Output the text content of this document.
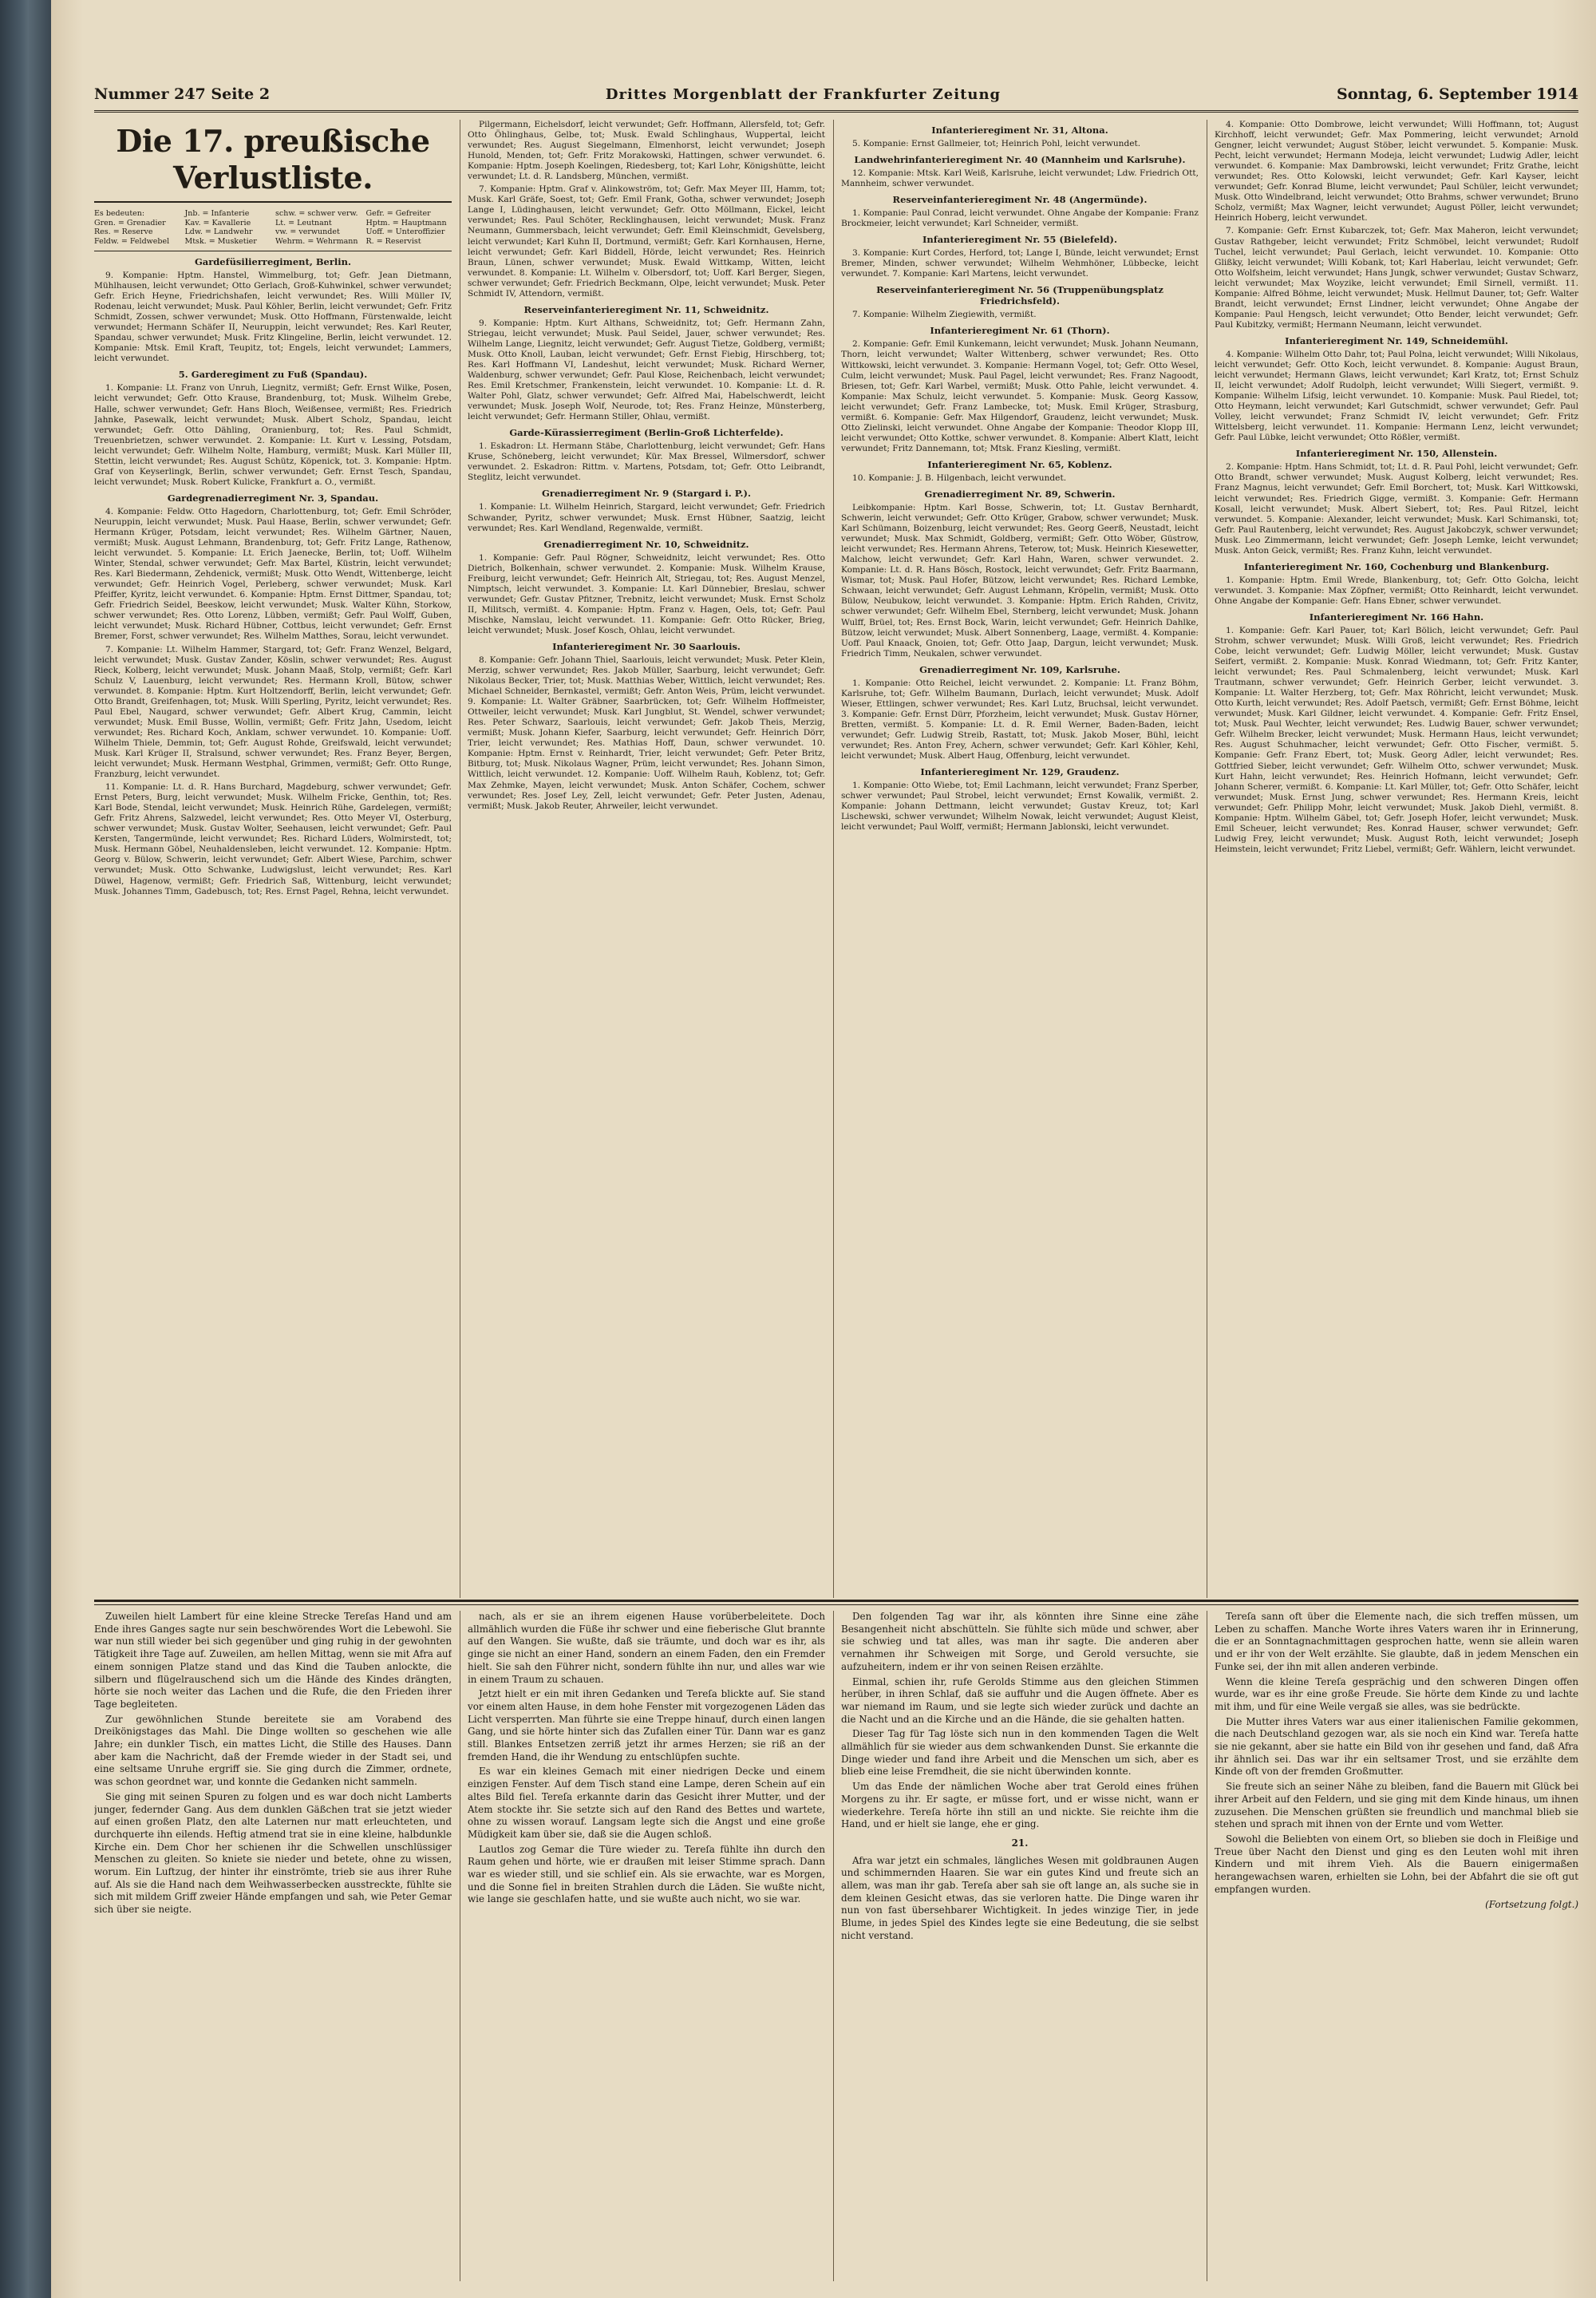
Nummer 247 Seite 2	Drittes Morgenblatt der Frankfurter Zeitung	Sonntag, 6. September 1914
Die 17. preußische Verlustliste.
Es bedeuten:	Jnb. = Infanterie	schw. = schwer verw.	Gefr. = Gefreiter
Gren. = Grenadier	Kav. = Kavallerie	Lt. = Leutnant	Hptm. = Hauptmann
Res. = Reserve	Ldw. = Landwehr	vw. = verwundet	Uoff. = Unteroffizier
Feldw. = Feldwebel	Mtsk. = Musketier	Wehrm. = Wehrmann	R. = Reservist
Gardefüsilierregiment, Berlin.

9. Kompanie: Hptm. Hanstel, Wimmelburg, tot; Gefr. Jean Dietmann, Mühlhausen, leicht verwundet; Otto Gerlach, Groß-Kuhwinkel, schwer verwundet; Gefr. Erich Heyne, Friedrichshafen, leicht verwundet; Res. Willi Müller IV, Rodenau, leicht verwundet; Musk. Paul Köhler, Berlin, leicht verwundet; Gefr. Fritz Schmidt, Zossen, schwer verwundet; Musk. Otto Hoffmann, Fürstenwalde, leicht verwundet; Hermann Schäfer II, Neuruppin, leicht verwundet; Res. Karl Reuter, Spandau, schwer verwundet; Musk. Fritz Klingeline, Berlin, leicht verwundet. 12. Kompanie: Mtsk. Emil Kraft, Teupitz, tot; Engels, leicht verwundet; Lammers, leicht verwundet.

5. Garderegiment zu Fuß (Spandau).

1. Kompanie: Lt. Franz von Unruh, Liegnitz, vermißt; Gefr. Ernst Wilke, Posen, leicht verwundet; Gefr. Otto Krause, Brandenburg, tot; Musk. Wilhelm Grebe, Halle, schwer verwundet; Gefr. Hans Bloch, Weißensee, vermißt; Res. Friedrich Jahnke, Pasewalk, leicht verwundet; Musk. Albert Scholz, Spandau, leicht verwundet; Gefr. Otto Dähling, Oranienburg, tot; Res. Paul Schmidt, Treuenbrietzen, schwer verwundet. 2. Kompanie: Lt. Kurt v. Lessing, Potsdam, leicht verwundet; Gefr. Wilhelm Nolte, Hamburg, vermißt; Musk. Karl Müller III, Stettin, leicht verwundet; Res. August Schütz, Köpenick, tot. 3. Kompanie: Hptm. Graf von Keyserlingk, Berlin, schwer verwundet; Gefr. Ernst Tesch, Spandau, leicht verwundet; Musk. Robert Kulicke, Frankfurt a. O., vermißt.

Gardegrenadierregiment Nr. 3, Spandau.

4. Kompanie: Feldw. Otto Hagedorn, Charlottenburg, tot; Gefr. Emil Schröder, Neuruppin, leicht verwundet; Musk. Paul Haase, Berlin, schwer verwundet; Gefr. Hermann Krüger, Potsdam, leicht verwundet; Res. Wilhelm Gärtner, Nauen, vermißt; Musk. August Lehmann, Brandenburg, tot; Gefr. Fritz Lange, Rathenow, leicht verwundet. 5. Kompanie: Lt. Erich Jaenecke, Berlin, tot; Uoff. Wilhelm Winter, Stendal, schwer verwundet; Gefr. Max Bartel, Küstrin, leicht verwundet; Res. Karl Biedermann, Zehdenick, vermißt; Musk. Otto Wendt, Wittenberge, leicht verwundet; Gefr. Heinrich Vogel, Perleberg, schwer verwundet; Musk. Karl Pfeiffer, Kyritz, leicht verwundet. 6. Kompanie: Hptm. Ernst Dittmer, Spandau, tot; Gefr. Friedrich Seidel, Beeskow, leicht verwundet; Musk. Walter Kühn, Storkow, schwer verwundet; Res. Otto Lorenz, Lübben, vermißt; Gefr. Paul Wolff, Guben, leicht verwundet; Musk. Richard Hübner, Cottbus, leicht verwundet; Gefr. Ernst Bremer, Forst, schwer verwundet; Res. Wilhelm Matthes, Sorau, leicht verwundet.

7. Kompanie: Lt. Wilhelm Hammer, Stargard, tot; Gefr. Franz Wenzel, Belgard, leicht verwundet; Musk. Gustav Zander, Köslin, schwer verwundet; Res. August Rieck, Kolberg, leicht verwundet; Musk. Johann Maaß, Stolp, vermißt; Gefr. Karl Schulz V, Lauenburg, leicht verwundet; Res. Hermann Kroll, Bütow, schwer verwundet. 8. Kompanie: Hptm. Kurt Holtzendorff, Berlin, leicht verwundet; Gefr. Otto Brandt, Greifenhagen, tot; Musk. Willi Sperling, Pyritz, leicht verwundet; Res. Paul Ebel, Naugard, schwer verwundet; Gefr. Albert Krug, Cammin, leicht verwundet; Musk. Emil Busse, Wollin, vermißt; Gefr. Fritz Jahn, Usedom, leicht verwundet; Res. Richard Koch, Anklam, schwer verwundet. 10. Kompanie: Uoff. Wilhelm Thiele, Demmin, tot; Gefr. August Rohde, Greifswald, leicht verwundet; Musk. Karl Krüger II, Stralsund, schwer verwundet; Res. Franz Beyer, Bergen, leicht verwundet; Musk. Hermann Westphal, Grimmen, vermißt; Gefr. Otto Runge, Franzburg, leicht verwundet.

11. Kompanie: Lt. d. R. Hans Burchard, Magdeburg, schwer verwundet; Gefr. Ernst Peters, Burg, leicht verwundet; Musk. Wilhelm Fricke, Genthin, tot; Res. Karl Bode, Stendal, leicht verwundet; Musk. Heinrich Rühe, Gardelegen, vermißt; Gefr. Fritz Ahrens, Salzwedel, leicht verwundet; Res. Otto Meyer VI, Osterburg, schwer verwundet; Musk. Gustav Wolter, Seehausen, leicht verwundet; Gefr. Paul Kersten, Tangermünde, leicht verwundet; Res. Richard Lüders, Wolmirstedt, tot; Musk. Hermann Göbel, Neuhaldensleben, leicht verwundet. 12. Kompanie: Hptm. Georg v. Bülow, Schwerin, leicht verwundet; Gefr. Albert Wiese, Parchim, schwer verwundet; Musk. Otto Schwanke, Ludwigslust, leicht verwundet; Res. Karl Düwel, Hagenow, vermißt; Gefr. Friedrich Saß, Wittenburg, leicht verwundet; Musk. Johannes Timm, Gadebusch, tot; Res. Ernst Pagel, Rehna, leicht verwundet.

Pilgermann, Eichelsdorf, leicht verwundet; Gefr. Hoffmann, Allersfeld, tot; Gefr. Otto Öhlinghaus, Gelbe, tot; Musk. Ewald Schlinghaus, Wuppertal, leicht verwundet; Res. August Siegelmann, Elmenhorst, leicht verwundet; Joseph Hunold, Menden, tot; Gefr. Fritz Morakowski, Hattingen, schwer verwundet. 6. Kompanie: Hptm. Joseph Koelingen, Riedesberg, tot; Karl Lohr, Königshütte, leicht verwundet; Lt. d. R. Landsberg, München, vermißt.

7. Kompanie: Hptm. Graf v. Alinkowström, tot; Gefr. Max Meyer III, Hamm, tot; Musk. Karl Gräfe, Soest, tot; Gefr. Emil Frank, Gotha, schwer verwundet; Joseph Lange I, Lüdinghausen, leicht verwundet; Gefr. Otto Möllmann, Eickel, leicht verwundet; Res. Paul Schöter, Recklinghausen, leicht verwundet; Musk. Franz Neumann, Gummersbach, leicht verwundet; Gefr. Emil Kleinschmidt, Gevelsberg, leicht verwundet; Karl Kuhn II, Dortmund, vermißt; Gefr. Karl Kornhausen, Herne, leicht verwundet; Gefr. Karl Biddell, Hörde, leicht verwundet; Res. Heinrich Braun, Lünen, schwer verwundet; Musk. Ewald Wittkamp, Witten, leicht verwundet. 8. Kompanie: Lt. Wilhelm v. Olbersdorf, tot; Uoff. Karl Berger, Siegen, schwer verwundet; Gefr. Friedrich Beckmann, Olpe, leicht verwundet; Musk. Peter Schmidt IV, Attendorn, vermißt.

Reserveinfanterieregiment Nr. 11, Schweidnitz.

9. Kompanie: Hptm. Kurt Althans, Schweidnitz, tot; Gefr. Hermann Zahn, Striegau, leicht verwundet; Musk. Paul Seidel, Jauer, schwer verwundet; Res. Wilhelm Lange, Liegnitz, leicht verwundet; Gefr. August Tietze, Goldberg, vermißt; Musk. Otto Knoll, Lauban, leicht verwundet; Gefr. Ernst Fiebig, Hirschberg, tot; Res. Karl Hoffmann VI, Landeshut, leicht verwundet; Musk. Richard Werner, Waldenburg, schwer verwundet; Gefr. Paul Klose, Reichenbach, leicht verwundet; Res. Emil Kretschmer, Frankenstein, leicht verwundet. 10. Kompanie: Lt. d. R. Walter Pohl, Glatz, schwer verwundet; Gefr. Alfred Mai, Habelschwerdt, leicht verwundet; Musk. Joseph Wolf, Neurode, tot; Res. Franz Heinze, Münsterberg, leicht verwundet; Gefr. Hermann Stiller, Ohlau, vermißt.

Garde-Kürassierregiment (Berlin-Groß Lichterfelde).

1. Eskadron: Lt. Hermann Stäbe, Charlottenburg, leicht verwundet; Gefr. Hans Kruse, Schöneberg, leicht verwundet; Kür. Max Bressel, Wilmersdorf, schwer verwundet. 2. Eskadron: Rittm. v. Martens, Potsdam, tot; Gefr. Otto Leibrandt, Steglitz, leicht verwundet.

Grenadierregiment Nr. 9 (Stargard i. P.).

1. Kompanie: Lt. Wilhelm Heinrich, Stargard, leicht verwundet; Gefr. Friedrich Schwander, Pyritz, schwer verwundet; Musk. Ernst Hübner, Saatzig, leicht verwundet; Res. Karl Wendland, Regenwalde, vermißt.

Grenadierregiment Nr. 10, Schweidnitz.

1. Kompanie: Gefr. Paul Rögner, Schweidnitz, leicht verwundet; Res. Otto Dietrich, Bolkenhain, schwer verwundet. 2. Kompanie: Musk. Wilhelm Krause, Freiburg, leicht verwundet; Gefr. Heinrich Alt, Striegau, tot; Res. August Menzel, Nimptsch, leicht verwundet. 3. Kompanie: Lt. Karl Dünnebier, Breslau, schwer verwundet; Gefr. Gustav Pfitzner, Trebnitz, leicht verwundet; Musk. Ernst Scholz II, Militsch, vermißt. 4. Kompanie: Hptm. Franz v. Hagen, Oels, tot; Gefr. Paul Mischke, Namslau, leicht verwundet. 11. Kompanie: Gefr. Otto Rücker, Brieg, leicht verwundet; Musk. Josef Kosch, Ohlau, leicht verwundet.

Infanterieregiment Nr. 30 Saarlouis.

8. Kompanie: Gefr. Johann Thiel, Saarlouis, leicht verwundet; Musk. Peter Klein, Merzig, schwer verwundet; Res. Jakob Müller, Saarburg, leicht verwundet; Gefr. Nikolaus Becker, Trier, tot; Musk. Matthias Weber, Wittlich, leicht verwundet; Res. Michael Schneider, Bernkastel, vermißt; Gefr. Anton Weis, Prüm, leicht verwundet. 9. Kompanie: Lt. Walter Gräbner, Saarbrücken, tot; Gefr. Wilhelm Hoffmeister, Ottweiler, leicht verwundet; Musk. Karl Jungblut, St. Wendel, schwer verwundet; Res. Peter Schwarz, Saarlouis, leicht verwundet; Gefr. Jakob Theis, Merzig, vermißt; Musk. Johann Kiefer, Saarburg, leicht verwundet; Gefr. Heinrich Dörr, Trier, leicht verwundet; Res. Mathias Hoff, Daun, schwer verwundet. 10. Kompanie: Hptm. Ernst v. Reinhardt, Trier, leicht verwundet; Gefr. Peter Britz, Bitburg, tot; Musk. Nikolaus Wagner, Prüm, leicht verwundet; Res. Johann Simon, Wittlich, leicht verwundet. 12. Kompanie: Uoff. Wilhelm Rauh, Koblenz, tot; Gefr. Max Zehmke, Mayen, leicht verwundet; Musk. Anton Schäfer, Cochem, schwer verwundet; Res. Josef Ley, Zell, leicht verwundet; Gefr. Peter Justen, Adenau, vermißt; Musk. Jakob Reuter, Ahrweiler, leicht verwundet.

Infanterieregiment Nr. 31, Altona.

5. Kompanie: Ernst Gallmeier, tot; Heinrich Pohl, leicht verwundet.

Landwehrinfanterieregiment Nr. 40 (Mannheim und Karlsruhe).

12. Kompanie: Mtsk. Karl Weiß, Karlsruhe, leicht verwundet; Ldw. Friedrich Ott, Mannheim, schwer verwundet.

Reserveinfanterieregiment Nr. 48 (Angermünde).

1. Kompanie: Paul Conrad, leicht verwundet. Ohne Angabe der Kompanie: Franz Brockmeier, leicht verwundet; Karl Schneider, vermißt.

Infanterieregiment Nr. 55 (Bielefeld).

3. Kompanie: Kurt Cordes, Herford, tot; Lange I, Bünde, leicht verwundet; Ernst Bremer, Minden, schwer verwundet; Wilhelm Wehmhöner, Lübbecke, leicht verwundet. 7. Kompanie: Karl Martens, leicht verwundet.

Reserveinfanterieregiment Nr. 56 (Truppenübungsplatz Friedrichsfeld).

7. Kompanie: Wilhelm Ziegiewith, vermißt.

Infanterieregiment Nr. 61 (Thorn).

2. Kompanie: Gefr. Emil Kunkemann, leicht verwundet; Musk. Johann Neumann, Thorn, leicht verwundet; Walter Wittenberg, schwer verwundet; Res. Otto Wittkowski, leicht verwundet. 3. Kompanie: Hermann Vogel, tot; Gefr. Otto Wesel, Culm, leicht verwundet; Musk. Paul Pagel, leicht verwundet; Res. Franz Nagoodt, Briesen, tot; Gefr. Karl Warbel, vermißt; Musk. Otto Pahle, leicht verwundet. 4. Kompanie: Max Schulz, leicht verwundet. 5. Kompanie: Musk. Georg Kassow, leicht verwundet; Gefr. Franz Lambecke, tot; Musk. Emil Krüger, Strasburg, vermißt. 6. Kompanie: Gefr. Max Hilgendorf, Graudenz, leicht verwundet; Musk. Otto Zielinski, leicht verwundet. Ohne Angabe der Kompanie: Theodor Klopp III, leicht verwundet; Otto Kottke, schwer verwundet. 8. Kompanie: Albert Klatt, leicht verwundet; Fritz Dannemann, tot; Mtsk. Franz Kiesling, vermißt.

Infanterieregiment Nr. 65, Koblenz.

10. Kompanie: J. B. Hilgenbach, leicht verwundet.

Grenadierregiment Nr. 89, Schwerin.

Leibkompanie: Hptm. Karl Bosse, Schwerin, tot; Lt. Gustav Bernhardt, Schwerin, leicht verwundet; Gefr. Otto Krüger, Grabow, schwer verwundet; Musk. Karl Schümann, Boizenburg, leicht verwundet; Res. Georg Geerß, Neustadt, leicht verwundet; Musk. Max Schmidt, Goldberg, vermißt; Gefr. Otto Wöber, Güstrow, leicht verwundet; Res. Hermann Ahrens, Teterow, tot; Musk. Heinrich Kiesewetter, Malchow, leicht verwundet; Gefr. Karl Hahn, Waren, schwer verwundet. 2. Kompanie: Lt. d. R. Hans Bösch, Rostock, leicht verwundet; Gefr. Fritz Baarmann, Wismar, tot; Musk. Paul Hofer, Bützow, leicht verwundet; Res. Richard Lembke, Schwaan, leicht verwundet; Gefr. August Lehmann, Kröpelin, vermißt; Musk. Otto Bülow, Neubukow, leicht verwundet. 3. Kompanie: Hptm. Erich Rahden, Crivitz, schwer verwundet; Gefr. Wilhelm Ebel, Sternberg, leicht verwundet; Musk. Johann Wulff, Brüel, tot; Res. Ernst Bock, Warin, leicht verwundet; Gefr. Heinrich Dahlke, Bützow, leicht verwundet; Musk. Albert Sonnenberg, Laage, vermißt. 4. Kompanie: Uoff. Paul Knaack, Gnoien, tot; Gefr. Otto Jaap, Dargun, leicht verwundet; Musk. Friedrich Timm, Neukalen, schwer verwundet.

Grenadierregiment Nr. 109, Karlsruhe.

1. Kompanie: Otto Reichel, leicht verwundet. 2. Kompanie: Lt. Franz Böhm, Karlsruhe, tot; Gefr. Wilhelm Baumann, Durlach, leicht verwundet; Musk. Adolf Wieser, Ettlingen, schwer verwundet; Res. Karl Lutz, Bruchsal, leicht verwundet. 3. Kompanie: Gefr. Ernst Dürr, Pforzheim, leicht verwundet; Musk. Gustav Hörner, Bretten, vermißt. 5. Kompanie: Lt. d. R. Emil Werner, Baden-Baden, leicht verwundet; Gefr. Ludwig Streib, Rastatt, tot; Musk. Jakob Moser, Bühl, leicht verwundet; Res. Anton Frey, Achern, schwer verwundet; Gefr. Karl Köhler, Kehl, leicht verwundet; Musk. Albert Haug, Offenburg, leicht verwundet.

Infanterieregiment Nr. 129, Graudenz.

1. Kompanie: Otto Wiebe, tot; Emil Lachmann, leicht verwundet; Franz Sperber, schwer verwundet; Paul Strobel, leicht verwundet; Ernst Kowalik, vermißt. 2. Kompanie: Johann Dettmann, leicht verwundet; Gustav Kreuz, tot; Karl Lischewski, schwer verwundet; Wilhelm Nowak, leicht verwundet; August Kleist, leicht verwundet; Paul Wolff, vermißt; Hermann Jablonski, leicht verwundet.

4. Kompanie: Otto Dombrowe, leicht verwundet; Willi Hoffmann, tot; August Kirchhoff, leicht verwundet; Gefr. Max Pommering, leicht verwundet; Arnold Gengner, leicht verwundet; August Stöber, leicht verwundet. 5. Kompanie: Musk. Pecht, leicht verwundet; Hermann Modeja, leicht verwundet; Ludwig Adler, leicht verwundet. 6. Kompanie: Max Dambrowski, leicht verwundet; Fritz Grathe, leicht verwundet; Res. Otto Kolowski, leicht verwundet; Gefr. Karl Kayser, leicht verwundet; Gefr. Konrad Blume, leicht verwundet; Paul Schüler, leicht verwundet; Musk. Otto Windelbrand, leicht verwundet; Otto Brahms, schwer verwundet; Bruno Scholz, vermißt; Max Wagner, leicht verwundet; August Pöller, leicht verwundet; Heinrich Hoberg, leicht verwundet.

7. Kompanie: Gefr. Ernst Kubarczek, tot; Gefr. Max Maheron, leicht verwundet; Gustav Rathgeber, leicht verwundet; Fritz Schmöbel, leicht verwundet; Rudolf Tuchel, leicht verwundet; Paul Gerlach, leicht verwundet. 10. Kompanie: Otto Glißky, leicht verwundet; Willi Kobank, tot; Karl Haberlau, leicht verwundet; Gefr. Otto Wolfsheim, leicht verwundet; Hans Jungk, schwer verwundet; Gustav Schwarz, leicht verwundet; Max Woyzike, leicht verwundet; Emil Sirnell, vermißt. 11. Kompanie: Alfred Böhme, leicht verwundet; Musk. Hellmut Dauner, tot; Gefr. Walter Brandt, leicht verwundet; Ernst Lindner, leicht verwundet; Ohne Angabe der Kompanie: Paul Hengsch, leicht verwundet; Otto Bender, leicht verwundet; Gefr. Paul Kubitzky, vermißt; Hermann Neumann, leicht verwundet.

Infanterieregiment Nr. 149, Schneidemühl.

4. Kompanie: Wilhelm Otto Dahr, tot; Paul Polna, leicht verwundet; Willi Nikolaus, leicht verwundet; Gefr. Otto Koch, leicht verwundet. 8. Kompanie: August Braun, leicht verwundet; Hermann Glaws, leicht verwundet; Karl Kratz, tot; Ernst Schulz II, leicht verwundet; Adolf Rudolph, leicht verwundet; Willi Siegert, vermißt. 9. Kompanie: Wilhelm Lifsig, leicht verwundet. 10. Kompanie: Musk. Paul Riedel, tot; Otto Heymann, leicht verwundet; Karl Gutschmidt, schwer verwundet; Gefr. Paul Volley, leicht verwundet; Franz Schmidt IV, leicht verwundet; Gefr. Fritz Wittelsberg, leicht verwundet. 11. Kompanie: Hermann Lenz, leicht verwundet; Gefr. Paul Lübke, leicht verwundet; Otto Rößler, vermißt.

Infanterieregiment Nr. 150, Allenstein.

2. Kompanie: Hptm. Hans Schmidt, tot; Lt. d. R. Paul Pohl, leicht verwundet; Gefr. Otto Brandt, schwer verwundet; Musk. August Kolberg, leicht verwundet; Res. Franz Magnus, leicht verwundet; Gefr. Emil Borchert, tot; Musk. Karl Wittkowski, leicht verwundet; Res. Friedrich Gigge, vermißt. 3. Kompanie: Gefr. Hermann Kosall, leicht verwundet; Musk. Albert Siebert, tot; Res. Paul Ritzel, leicht verwundet. 5. Kompanie: Alexander, leicht verwundet; Musk. Karl Schimanski, tot; Gefr. Paul Rautenberg, leicht verwundet; Res. August Jakobczyk, schwer verwundet; Musk. Leo Zimmermann, leicht verwundet; Gefr. Joseph Lemke, leicht verwundet; Musk. Anton Geick, vermißt; Res. Franz Kuhn, leicht verwundet.

Infanterieregiment Nr. 160, Cochenburg und Blankenburg.

1. Kompanie: Hptm. Emil Wrede, Blankenburg, tot; Gefr. Otto Golcha, leicht verwundet. 3. Kompanie: Max Zöpfner, vermißt; Otto Reinhardt, leicht verwundet. Ohne Angabe der Kompanie: Gefr. Hans Ebner, schwer verwundet.

Infanterieregiment Nr. 166 Hahn.

1. Kompanie: Gefr. Karl Pauer, tot; Karl Bölich, leicht verwundet; Gefr. Paul Strohm, schwer verwundet; Musk. Willi Groß, leicht verwundet; Res. Friedrich Cobe, leicht verwundet; Gefr. Ludwig Möller, leicht verwundet; Musk. Gustav Seifert, vermißt. 2. Kompanie: Musk. Konrad Wiedmann, tot; Gefr. Fritz Kanter, leicht verwundet; Res. Paul Schmalenberg, leicht verwundet; Musk. Karl Trautmann, schwer verwundet; Gefr. Heinrich Gerber, leicht verwundet. 3. Kompanie: Lt. Walter Herzberg, tot; Gefr. Max Röhricht, leicht verwundet; Musk. Otto Kurth, leicht verwundet; Res. Adolf Paetsch, vermißt; Gefr. Ernst Böhme, leicht verwundet; Musk. Karl Gildner, leicht verwundet. 4. Kompanie: Gefr. Fritz Ensel, tot; Musk. Paul Wechter, leicht verwundet; Res. Ludwig Bauer, schwer verwundet; Gefr. Wilhelm Brecker, leicht verwundet; Musk. Hermann Haus, leicht verwundet; Res. August Schuhmacher, leicht verwundet; Gefr. Otto Fischer, vermißt. 5. Kompanie: Gefr. Franz Ebert, tot; Musk. Georg Adler, leicht verwundet; Res. Gottfried Sieber, leicht verwundet; Gefr. Wilhelm Otto, schwer verwundet; Musk. Kurt Hahn, leicht verwundet; Res. Heinrich Hofmann, leicht verwundet; Gefr. Johann Scherer, vermißt. 6. Kompanie: Lt. Karl Müller, tot; Gefr. Otto Schäfer, leicht verwundet; Musk. Ernst Jung, schwer verwundet; Res. Hermann Kreis, leicht verwundet; Gefr. Philipp Mohr, leicht verwundet; Musk. Jakob Diehl, vermißt. 8. Kompanie: Hptm. Wilhelm Gäbel, tot; Gefr. Joseph Hofer, leicht verwundet; Musk. Emil Scheuer, leicht verwundet; Res. Konrad Hauser, schwer verwundet; Gefr. Ludwig Frey, leicht verwundet; Musk. August Roth, leicht verwundet; Joseph Heimstein, leicht verwundet; Fritz Liebel, vermißt; Gefr. Wählern, leicht verwundet.

Zuweilen hielt Lambert für eine kleine Strecke Tereſas Hand und am Ende ihres Ganges sagte nur sein beschwörendes Wort die Lebewohl. Sie war nun still wieder bei sich gegenüber und ging ruhig in der gewohnten Tätigkeit ihre Tage auf. Zuweilen, am hellen Mittag, wenn sie mit Afra auf einem sonnigen Platze stand und das Kind die Tauben anlockte, die silbern und flügelrauschend sich um die Hände des Kindes drängten, hörte sie noch weiter das Lachen und die Rufe, die den Frieden ihrer Tage begleiteten.

Zur gewöhnlichen Stunde bereitete sie am Vorabend des Dreikönigstages das Mahl. Die Dinge wollten so geschehen wie alle Jahre; ein dunkler Tisch, ein mattes Licht, die Stille des Hauses. Dann aber kam die Nachricht, daß der Fremde wieder in der Stadt sei, und eine seltsame Unruhe ergriff sie. Sie ging durch die Zimmer, ordnete, was schon geordnet war, und konnte die Gedanken nicht sammeln.

Sie ging mit seinen Spuren zu folgen und es war doch nicht Lamberts junger, federnder Gang. Aus dem dunklen Gäßchen trat sie jetzt wieder auf einen großen Platz, den alte Laternen nur matt erleuchteten, und durchquerte ihn eilends. Heftig atmend trat sie in eine kleine, halbdunkle Kirche ein. Dem Chor her schienen ihr die Schwellen unschlüssiger Menschen zu gleiten. So kniete sie nieder und betete, ohne zu wissen, worum. Ein Luftzug, der hinter ihr einströmte, trieb sie aus ihrer Ruhe auf. Als sie die Hand nach dem Weihwasserbecken ausstreckte, fühlte sie sich mit mildem Griff zweier Hände empfangen und sah, wie Peter Gemar sich über sie neigte.

nach, als er sie an ihrem eigenen Hause vorüberbeleitete. Doch allmählich wurden die Füße ihr schwer und eine fieberische Glut brannte auf den Wangen. Sie wußte, daß sie träumte, und doch war es ihr, als ginge sie nicht an einer Hand, sondern an einem Faden, den ein Fremder hielt. Sie sah den Führer nicht, sondern fühlte ihn nur, und alles war wie in einem Traum zu schauen.

Jetzt hielt er ein mit ihren Gedanken und Tereſa blickte auf. Sie stand vor einem alten Hause, in dem hohe Fenster mit vorgezogenen Läden das Licht versperrten. Man führte sie eine Treppe hinauf, durch einen langen Gang, und sie hörte hinter sich das Zufallen einer Tür. Dann war es ganz still. Blankes Entsetzen zerriß jetzt ihr armes Herzen; sie riß an der fremden Hand, die ihr Wendung zu entschlüpfen suchte.

Es war ein kleines Gemach mit einer niedrigen Decke und einem einzigen Fenster. Auf dem Tisch stand eine Lampe, deren Schein auf ein altes Bild fiel. Tereſa erkannte darin das Gesicht ihrer Mutter, und der Atem stockte ihr. Sie setzte sich auf den Rand des Bettes und wartete, ohne zu wissen worauf. Langsam legte sich die Angst und eine große Müdigkeit kam über sie, daß sie die Augen schloß.

Lautlos zog Gemar die Türe wieder zu. Tereſa fühlte ihn durch den Raum gehen und hörte, wie er draußen mit leiser Stimme sprach. Dann war es wieder still, und sie schlief ein. Als sie erwachte, war es Morgen, und die Sonne fiel in breiten Strahlen durch die Läden. Sie wußte nicht, wie lange sie geschlafen hatte, und sie wußte auch nicht, wo sie war.

Den folgenden Tag war ihr, als könnten ihre Sinne eine zähe Besangenheit nicht abschütteln. Sie fühlte sich müde und schwer, aber sie schwieg und tat alles, was man ihr sagte. Die anderen aber vernahmen ihr Schweigen mit Sorge, und Gerold versuchte, sie aufzuheitern, indem er ihr von seinen Reisen erzählte.

Einmal, schien ihr, rufe Gerolds Stimme aus den gleichen Stimmen herüber, in ihren Schlaf, daß sie auffuhr und die Augen öffnete. Aber es war niemand im Raum, und sie legte sich wieder zurück und dachte an die Nacht und an die Kirche und an die Hände, die sie gehalten hatten.

Dieser Tag für Tag löste sich nun in den kommenden Tagen die Welt allmählich für sie wieder aus dem schwankenden Dunst. Sie erkannte die Dinge wieder und fand ihre Arbeit und die Menschen um sich, aber es blieb eine leise Fremdheit, die sie nicht überwinden konnte.

Um das Ende der nämlichen Woche aber trat Gerold eines frühen Morgens zu ihr. Er sagte, er müsse fort, und er wisse nicht, wann er wiederkehre. Tereſa hörte ihn still an und nickte. Sie reichte ihm die Hand, und er hielt sie lange, ehe er ging.

21.

Afra war jetzt ein schmales, längliches Wesen mit goldbraunen Augen und schimmernden Haaren. Sie war ein gutes Kind und freute sich an allem, was man ihr gab. Tereſa aber sah sie oft lange an, als suche sie in dem kleinen Gesicht etwas, das sie verloren hatte. Die Dinge waren ihr nun von fast übersehbarer Wichtigkeit. In jedes winzige Tier, in jede Blume, in jedes Spiel des Kindes legte sie eine Bedeutung, die sie selbst nicht verstand.

Tereſa sann oft über die Elemente nach, die sich treffen müssen, um Leben zu schaffen. Manche Worte ihres Vaters waren ihr in Erinnerung, die er an Sonntagnachmittagen gesprochen hatte, wenn sie allein waren und er ihr von der Welt erzählte. Sie glaubte, daß in jedem Menschen ein Funke sei, der ihn mit allen anderen verbinde.

Wenn die kleine Tereſa gesprächig und den schweren Dingen offen wurde, war es ihr eine große Freude. Sie hörte dem Kinde zu und lachte mit ihm, und für eine Weile vergaß sie alles, was sie bedrückte.

Die Mutter ihres Vaters war aus einer italienischen Familie gekommen, die nach Deutschland gezogen war, als sie noch ein Kind war. Tereſa hatte sie nie gekannt, aber sie hatte ein Bild von ihr gesehen und fand, daß Afra ihr ähnlich sei. Das war ihr ein seltsamer Trost, und sie erzählte dem Kinde oft von der fremden Großmutter.

Sie freute sich an seiner Nähe zu bleiben, fand die Bauern mit Glück bei ihrer Arbeit auf den Feldern, und sie ging mit dem Kinde hinaus, um ihnen zuzusehen. Die Menschen grüßten sie freundlich und manchmal blieb sie stehen und sprach mit ihnen von der Ernte und vom Wetter.

Sowohl die Beliebten von einem Ort, so blieben sie doch in Fleißige und Treue über Nacht den Dienst und ging es den Leuten wohl mit ihren Kindern und mit ihrem Vieh. Als die Bauern einigermaßen herangewachsen waren, erhielten sie Lohn, bei der Abfahrt die sie oft gut empfangen wurden.

(Fortsetzung folgt.)
